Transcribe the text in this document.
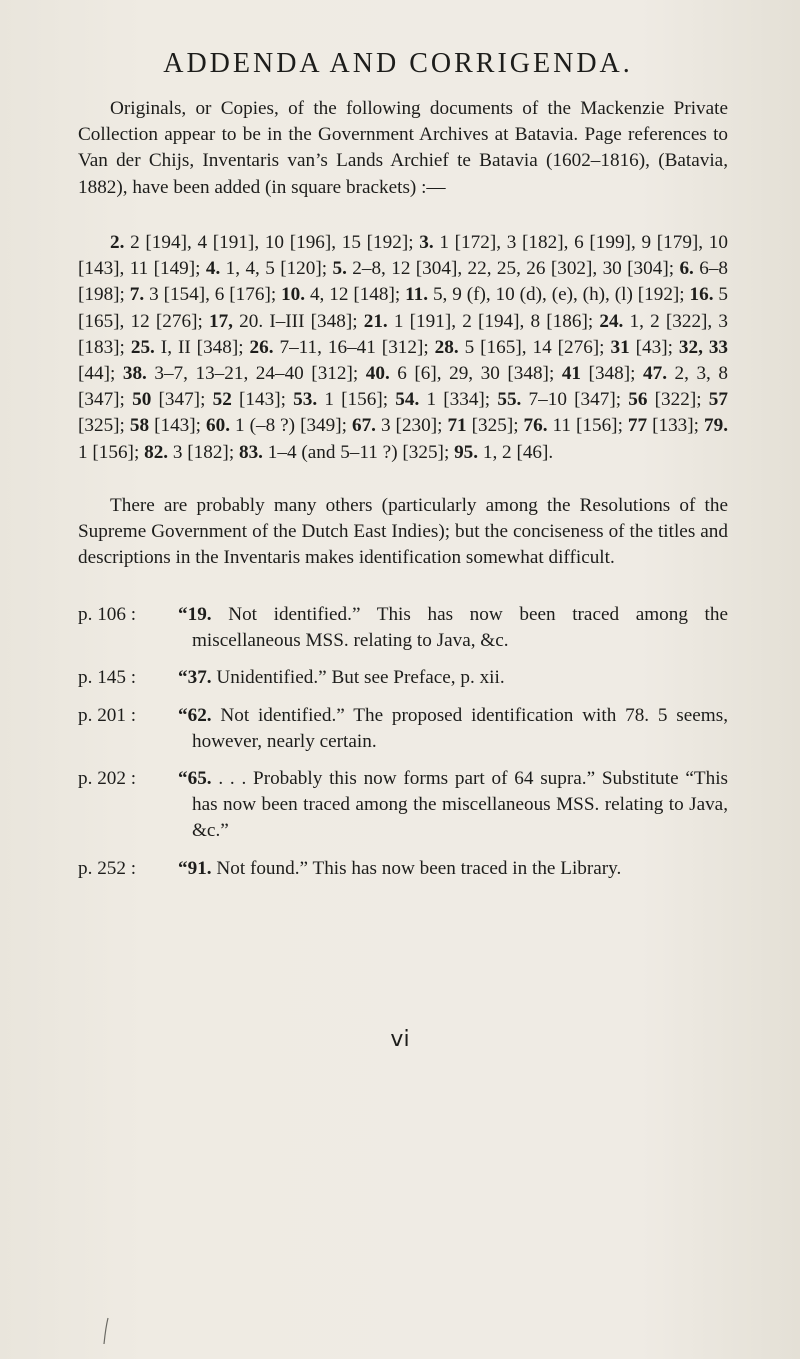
ADDENDA AND CORRIGENDA.

Originals, or Copies, of the following documents of the Mackenzie Private Collection appear to be in the Government Archives at Batavia. Page references to Van der Chijs, Inventaris van’s Lands Archief te Batavia (1602–1816), (Batavia, 1882), have been added (in square brackets) :—

2. 2 [194], 4 [191], 10 [196], 15 [192]; 3. 1 [172], 3 [182], 6 [199], 9 [179], 10 [143], 11 [149]; 4. 1, 4, 5 [120]; 5. 2–8, 12 [304], 22, 25, 26 [302], 30 [304]; 6. 6–8 [198]; 7. 3 [154], 6 [176]; 10. 4, 12 [148]; 11. 5, 9 (f), 10 (d), (e), (h), (l) [192]; 16. 5 [165], 12 [276]; 17, 20. I–III [348]; 21. 1 [191], 2 [194], 8 [186]; 24. 1, 2 [322], 3 [183]; 25. I, II [348]; 26. 7–11, 16–41 [312]; 28. 5 [165], 14 [276]; 31 [43]; 32, 33 [44]; 38. 3–7, 13–21, 24–40 [312]; 40. 6 [6], 29, 30 [348]; 41 [348]; 47. 2, 3, 8 [347]; 50 [347]; 52 [143]; 53. 1 [156]; 54. 1 [334]; 55. 7–10 [347]; 56 [322]; 57 [325]; 58 [143]; 60. 1 (–8 ?) [349]; 67. 3 [230]; 71 [325]; 76. 11 [156]; 77 [133]; 79. 1 [156]; 82. 3 [182]; 83. 1–4 (and 5–11 ?) [325]; 95. 1, 2 [46].

There are probably many others (particularly among the Resolutions of the Supreme Government of the Dutch East Indies); but the conciseness of the titles and descriptions in the Inventaris makes identification somewhat difficult.

p. 106 :	“19. Not identified.” This has now been traced among the miscellaneous MSS. relating to Java, &c.
p. 145 :	“37. Unidentified.” But see Preface, p. xii.
p. 201 :	“62. Not identified.” The proposed identification with 78. 5 seems, however, nearly certain.
p. 202 :	“65. . . . Probably this now forms part of 64 supra.” Substitute “This has now been traced among the miscellaneous MSS. relating to Java, &c.”
p. 252 :	“91. Not found.” This has now been traced in the Library.
vi
